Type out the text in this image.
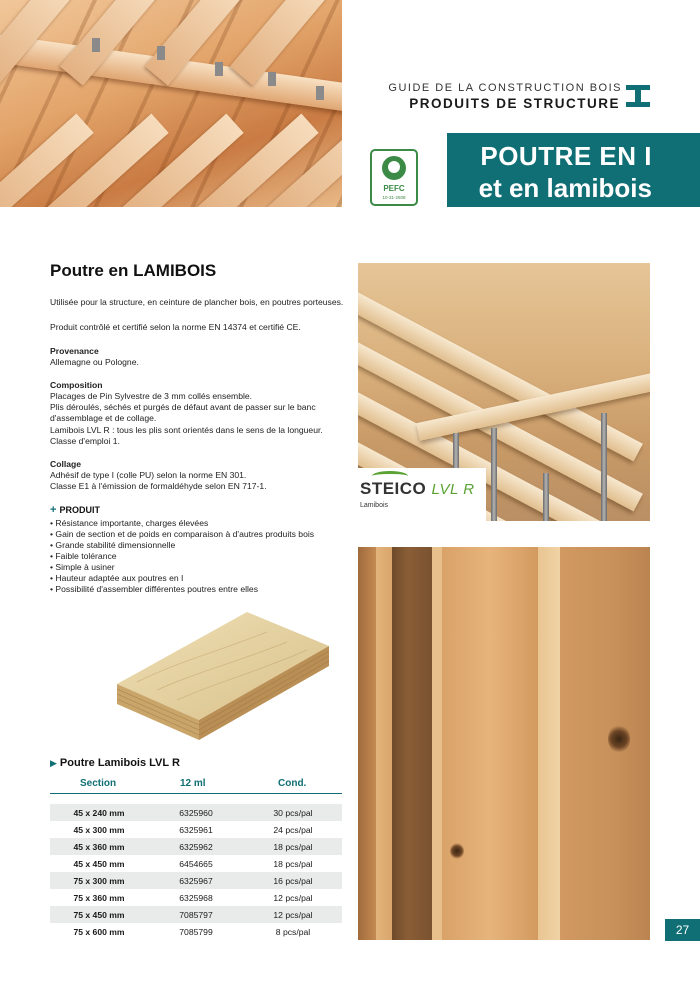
GUIDE DE LA CONSTRUCTION BOIS
PRODUITS DE STRUCTURE
PEFC
10-31-2508
POUTRE EN I
et en lamibois
Poutre en LAMIBOIS
Utilisée pour la structure, en ceinture de plancher bois, en poutres porteuses.
Produit contrôlé et certifié selon la norme EN 14374 et certifié CE.
Provenance
Allemagne ou Pologne.
Composition
Placages de Pin Sylvestre de 3 mm collés ensemble.
Plis déroulés, séchés et purgés de défaut avant de passer sur le banc d'assemblage et de collage.
Lamibois LVL R : tous les plis sont orientés dans le sens de la longueur.
Classe d'emploi 1.
Collage
Adhésif de type I (colle PU) selon la norme EN 301.
Classe E1 à l'émission de formaldéhyde selon EN 717-1.
+ PRODUIT
• Résistance importante, charges élevées
• Gain de section et de poids en comparaison à d'autres produits bois
• Grande stabilité dimensionnelle
• Faible tolérance
• Simple à usiner
• Hauteur adaptée aux poutres en I
• Possibilité d'assembler différentes poutres entre elles
▶ Poutre Lamibois LVL R
Section	12 ml	Cond.
45 x 240 mm	6325960	30 pcs/pal
45 x 300 mm	6325961	24 pcs/pal
45 x 360 mm	6325962	18 pcs/pal
45 x 450 mm	6454665	18 pcs/pal
75 x 300 mm	6325967	16 pcs/pal
75 x 360 mm	6325968	12 pcs/pal
75 x 450 mm	7085797	12 pcs/pal
75 x 600 mm	7085799	8 pcs/pal
STEICO LVL R
Lamibois
27
